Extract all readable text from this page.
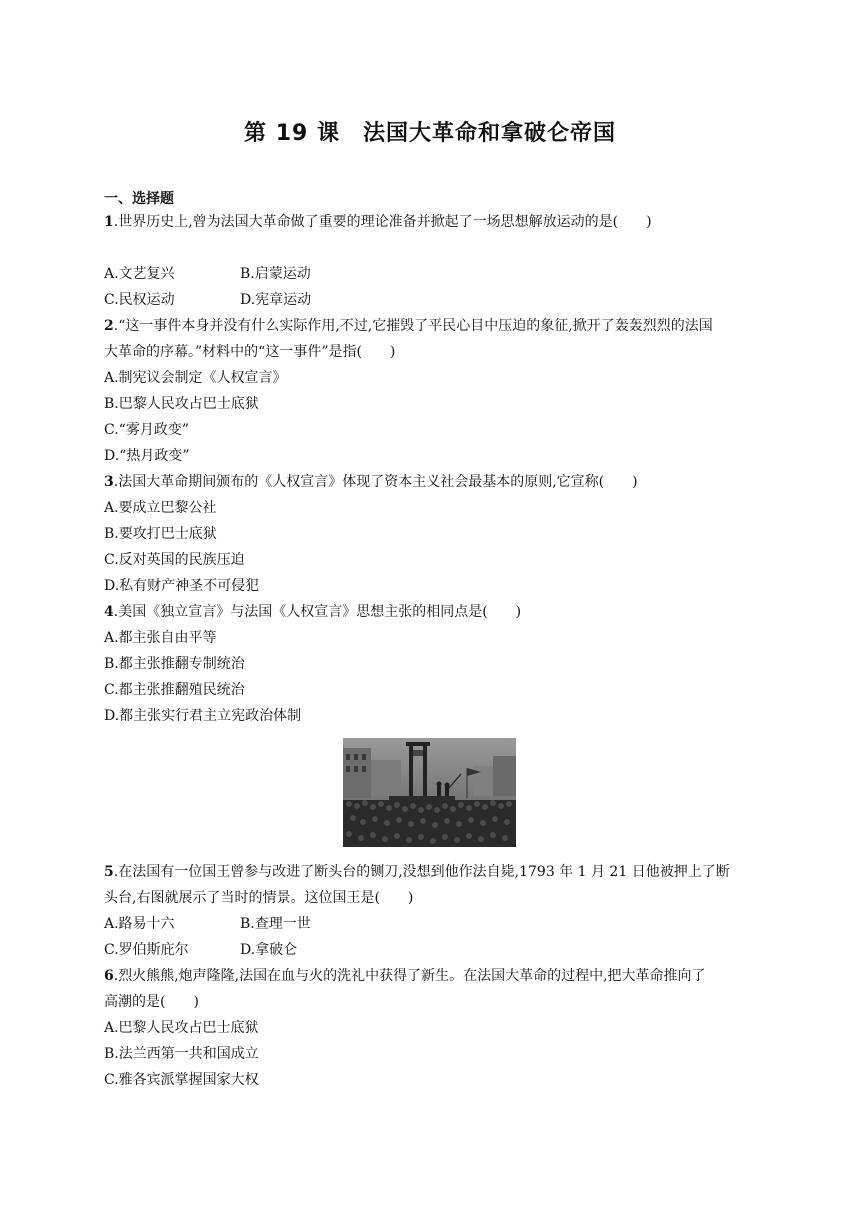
第 19 课　法国大革命和拿破仑帝国
一、选择题
1.世界历史上,曾为法国大革命做了重要的理论准备并掀起了一场思想解放运动的是(　　)
A.文艺复兴	B.启蒙运动
C.民权运动	D.宪章运动
2.“这一事件本身并没有什么实际作用,不过,它摧毁了平民心目中压迫的象征,掀开了轰轰烈烈的法国
大革命的序幕。”材料中的“这一事件”是指(　　)
A.制宪议会制定《人权宣言》
B.巴黎人民攻占巴士底狱
C.“雾月政变”
D.“热月政变”
3.法国大革命期间颁布的《人权宣言》体现了资本主义社会最基本的原则,它宣称(　　)
A.要成立巴黎公社
B.要攻打巴士底狱
C.反对英国的民族压迫
D.私有财产神圣不可侵犯
4.美国《独立宣言》与法国《人权宣言》思想主张的相同点是(　　)
A.都主张自由平等
B.都主张推翻专制统治
C.都主张推翻殖民统治
D.都主张实行君主立宪政治体制
5.在法国有一位国王曾参与改进了断头台的铡刀,没想到他作法自毙,1793 年 1 月 21 日他被押上了断
头台,右图就展示了当时的情景。这位国王是(　　)
A.路易十六	B.查理一世
C.罗伯斯庇尔	D.拿破仑
6.烈火熊熊,炮声隆隆,法国在血与火的洗礼中获得了新生。在法国大革命的过程中,把大革命推向了
高潮的是(　　)
A.巴黎人民攻占巴士底狱
B.法兰西第一共和国成立
C.雅各宾派掌握国家大权
